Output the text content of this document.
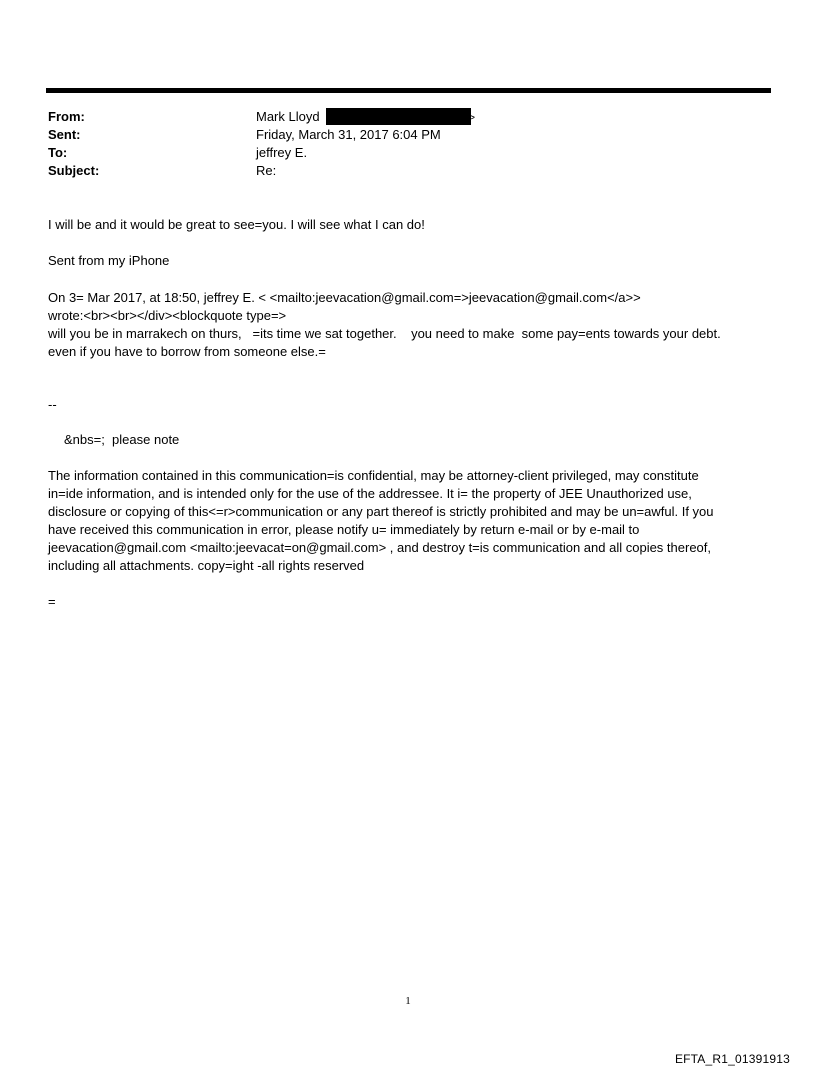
From:	Mark Lloyd	>
Sent:	Friday, March 31, 2017 6:04 PM
To:	jeffrey E.
Subject:	Re:
I will be and it would be great to see=you. I will see what I can do!
Sent from my iPhone
On 3= Mar 2017, at 18:50, jeffrey E. < <mailto:jeevacation@gmail.com=>jeevacation@gmail.com</a>>
wrote:<br><br></div><blockquote type=>
will you be in marrakech on thurs,   =its time we sat together.    you need to make  some pay=ents towards your debt.
even if you have to borrow from someone else.=
--
&nbs=;  please note
The information contained in this communication=is confidential, may be attorney-client privileged, may constitute
in=ide information, and is intended only for the use of the addressee. It i= the property of JEE Unauthorized use,
disclosure or copying of this<=r>communication or any part thereof is strictly prohibited and may be un=awful. If you
have received this communication in error, please notify u= immediately by return e-mail or by e-mail to
jeevacation@gmail.com <mailto:jeevacat=on@gmail.com> , and destroy t=is communication and all copies thereof,
including all attachments. copy=ight -all rights reserved
=
1
EFTA_R1_01391913
